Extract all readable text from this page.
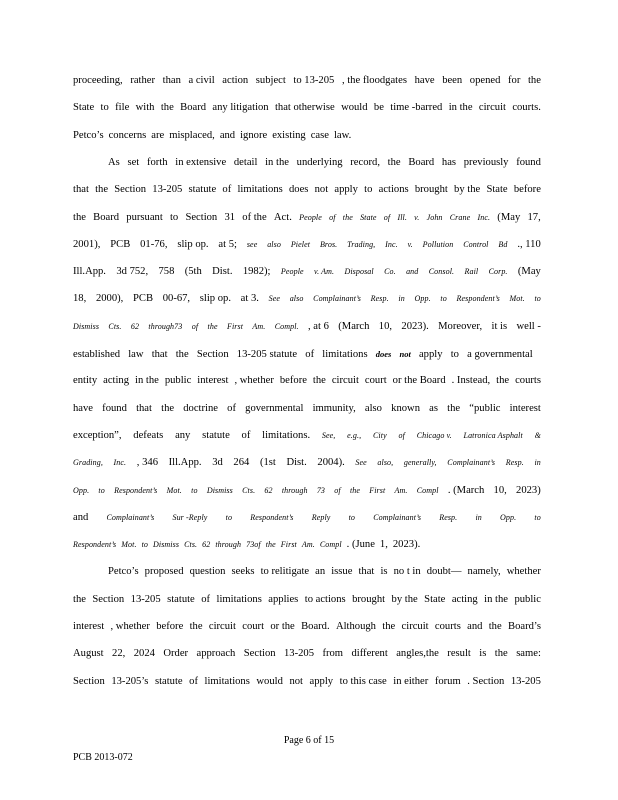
proceeding, rather than a civil action subject to 13-205 , the floodgates have been opened for the
State to file with the Board any litigation that otherwise would be time -barred in the circuit courts.
Petco’s concerns are misplaced, and ignore existing case law.
As set forth in extensive detail in the underlying record, the Board has previously found
that the Section 13-205 statute of limitations does not apply to actions brought by the State before
the Board pursuant to Section 31 of the Act. People of the State of Ill. v. John Crane Inc. (May 17,
2001), PCB 01-76, slip op. at 5; see also Pielet Bros. Trading, Inc. v. Pollution Control Bd ., 110
Ill.App. 3d 752, 758 (5th Dist. 1982); People v. Am. Disposal Co. and Consol. Rail Corp. (May
18, 2000), PCB 00-67, slip op. at 3. See also Complainant’s Resp. in Opp. to Respondent’s Mot. to
Dismiss Cts. 62 through73 of the First Am. Compl. , at 6 (March 10, 2023). Moreover, it is well -
established law that the Section 13-205 statute of limitations does not apply to a governmental
entity acting in the public interest , whether before the circuit court or the Board . Instead, the courts
have found that the doctrine of governmental immunity, also known as the “public interest
exception”, defeats any statute of limitations. See, e.g., City of Chicago v. Latronica Asphalt &
Grading, Inc. , 346 Ill.App. 3d 264 (1st Dist. 2004). See also, generally, Complainant’s Resp. in
Opp. to Respondent’s Mot. to Dismiss Cts. 62 through 73 of the First Am. Compl . (March 10, 2023)
and Complainant’s Sur -Reply to Respondent’s Reply to Complainant’s Resp. in Opp. to
Respondent’s Mot. to Dismiss Cts. 62 through 73of the First Am. Compl . (June 1, 2023).
Petco’s proposed question seeks to relitigate an issue that is no t in doubt— namely, whether
the Section 13-205 statute of limitations applies to actions brought by the State acting in the public
interest , whether before the circuit court or the Board. Although the circuit courts and the Board’s
August 22, 2024 Order approach Section 13-205 from different angles,the result is the same:
Section 13-205’s statute of limitations would not apply to this case in either forum . Section 13-205
Page 6 of 15
PCB 2013-072
